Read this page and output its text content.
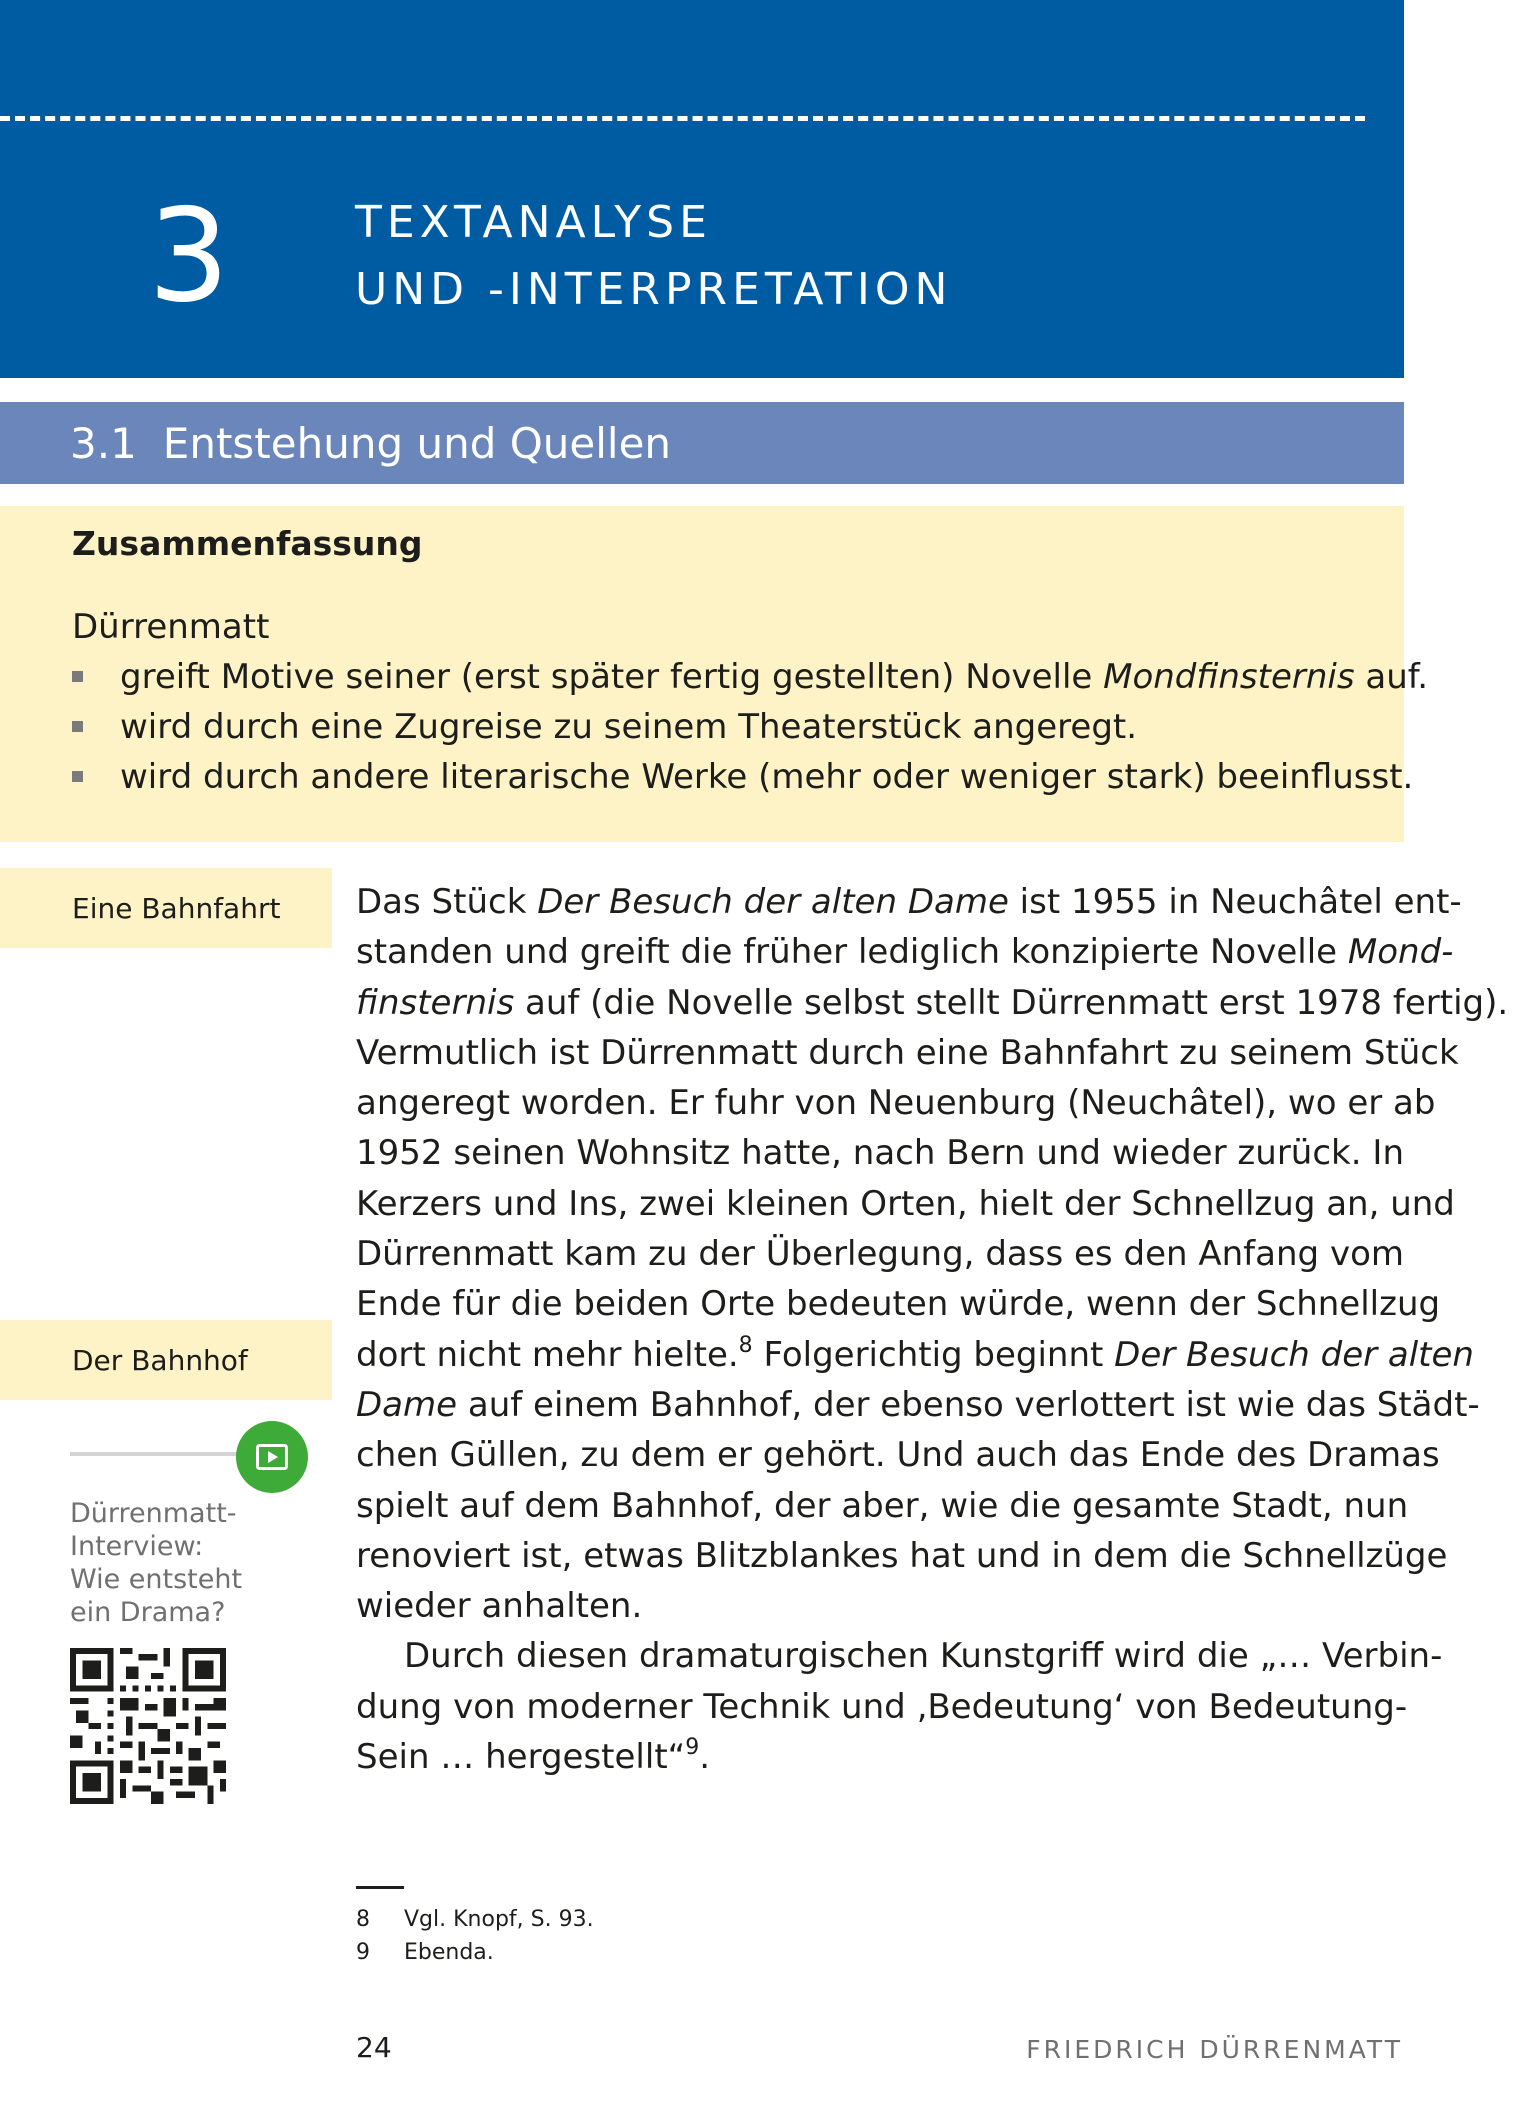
3	TEXTANALYSE
UND -INTERPRETATION
3.1 Entstehung und Quellen
Zusammenfassung
Dürrenmatt
greift Motive seiner (erst später fertig gestellten) Novelle Mondfinsternis auf.
wird durch eine Zugreise zu seinem Theaterstück angeregt.
wird durch andere literarische Werke (mehr oder weniger stark) beeinflusst.
Eine Bahnfahrt
Der Bahnhof
Dürrenmatt-
Interview:
Wie entsteht
ein Drama?
Das Stück Der Besuch der alten Dame ist 1955 in Neuchâtel ent-
standen und greift die früher lediglich konzipierte Novelle Mond-
finsternis auf (die Novelle selbst stellt Dürrenmatt erst 1978 fertig).
Vermutlich ist Dürrenmatt durch eine Bahnfahrt zu seinem Stück
angeregt worden. Er fuhr von Neuenburg (Neuchâtel), wo er ab
1952 seinen Wohnsitz hatte, nach Bern und wieder zurück. In
Kerzers und Ins, zwei kleinen Orten, hielt der Schnellzug an, und
Dürrenmatt kam zu der Überlegung, dass es den Anfang vom
Ende für die beiden Orte bedeuten würde, wenn der Schnellzug
dort nicht mehr hielte.$^8$ Folgerichtig beginnt Der Besuch der alten
Dame auf einem Bahnhof, der ebenso verlottert ist wie das Städt-
chen Güllen, zu dem er gehört. Und auch das Ende des Dramas
spielt auf dem Bahnhof, der aber, wie die gesamte Stadt, nun
renoviert ist, etwas Blitzblankes hat und in dem die Schnellzüge
wieder anhalten.
Durch diesen dramaturgischen Kunstgriff wird die „… Verbin-
dung von moderner Technik und ‚Bedeutung‘ von Bedeutung-
Sein … hergestellt“$^9$.
8 Vgl. Knopf, S. 93.
9 Ebenda.
24	FRIEDRICH DÜRRENMATT
